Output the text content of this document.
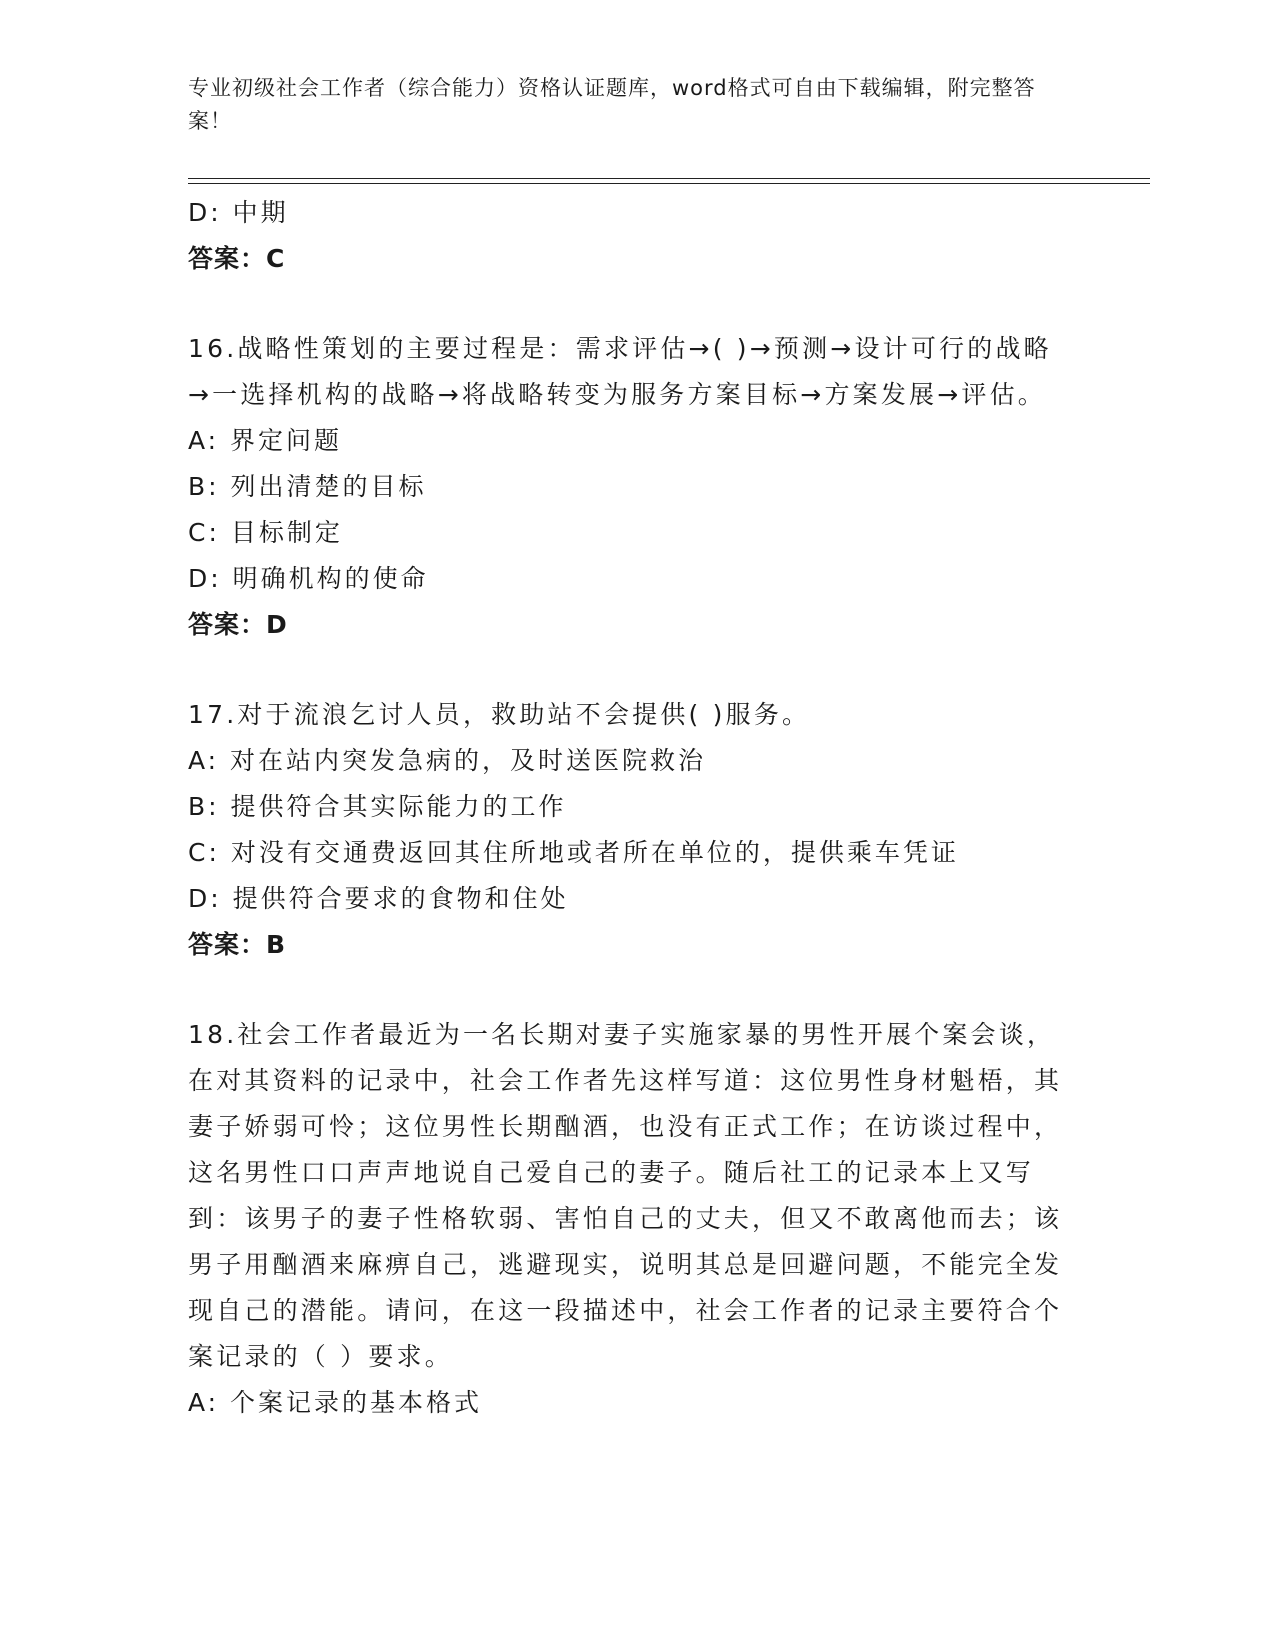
专业初级社会工作者（综合能力）资格认证题库，word格式可自由下载编辑，附完整答案！
D: 中期
答案：C
16.战略性策划的主要过程是：需求评估→( )→预测→设计可行的战略→一选择机构的战略→将战略转变为服务方案目标→方案发展→评估。
A: 界定问题
B: 列出清楚的目标
C: 目标制定
D: 明确机构的使命
答案：D
17.对于流浪乞讨人员，救助站不会提供( )服务。
A: 对在站内突发急病的，及时送医院救治
B: 提供符合其实际能力的工作
C: 对没有交通费返回其住所地或者所在单位的，提供乘车凭证
D: 提供符合要求的食物和住处
答案：B
18.社会工作者最近为一名长期对妻子实施家暴的男性开展个案会谈，在对其资料的记录中，社会工作者先这样写道：这位男性身材魁梧，其妻子娇弱可怜；这位男性长期酗酒，也没有正式工作；在访谈过程中，这名男性口口声声地说自己爱自己的妻子。随后社工的记录本上又写到：该男子的妻子性格软弱、害怕自己的丈夫，但又不敢离他而去；该男子用酗酒来麻痹自己，逃避现实，说明其总是回避问题，不能完全发现自己的潜能。请问，在这一段描述中，社会工作者的记录主要符合个案记录的（ ）要求。
A: 个案记录的基本格式
